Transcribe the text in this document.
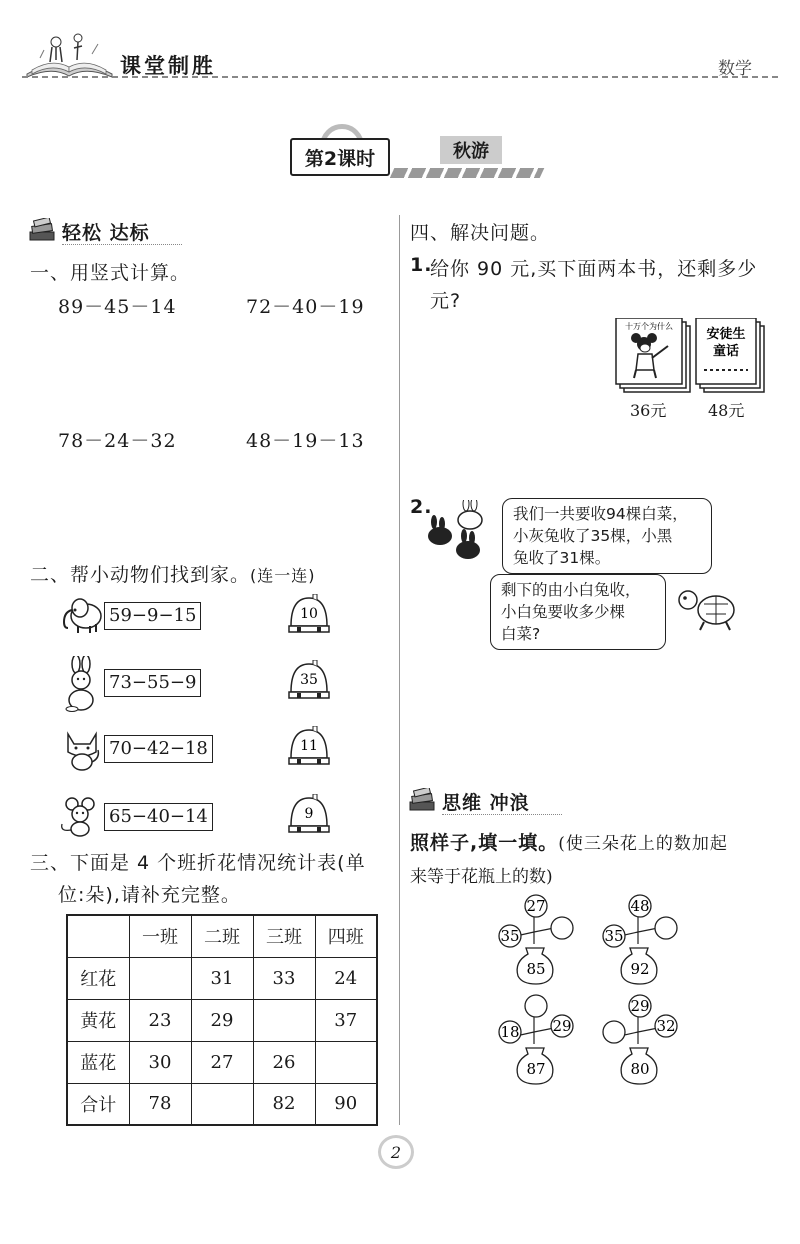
课堂制胜	数学
第2课时	秋游
轻松 达标
一、用竖式计算。
89－45－14	72－40－19
78－24－32	48－19－13
二、帮小动物们找到家。(连一连)
59−9−15
73−55−9
70−42−18
65−40−14
10
35
11
9
三、下面是 4 个班折花情况统计表(单
位:朵),请补充完整。
	一班	二班	三班	四班
红花		31	33	24
黄花	23	29		37
蓝花	30	27	26	
合计	78		82	90
四、解决问题。
1.
给你 90 元,买下面两本书，还剩多少
元?
十万个为什么
36元
安徒生
童话
48元
2.	我们一共要收94棵白菜，
小灰兔收了35棵，小黑
兔收了31棵。
剩下的由小白兔收，
小白兔要收多少棵
白菜?
思维 冲浪
照样子,填一填。(使三朵花上的数加起
来等于花瓶上的数)
27
35
85
48
35
92
18 29
87
29
32
80
2
